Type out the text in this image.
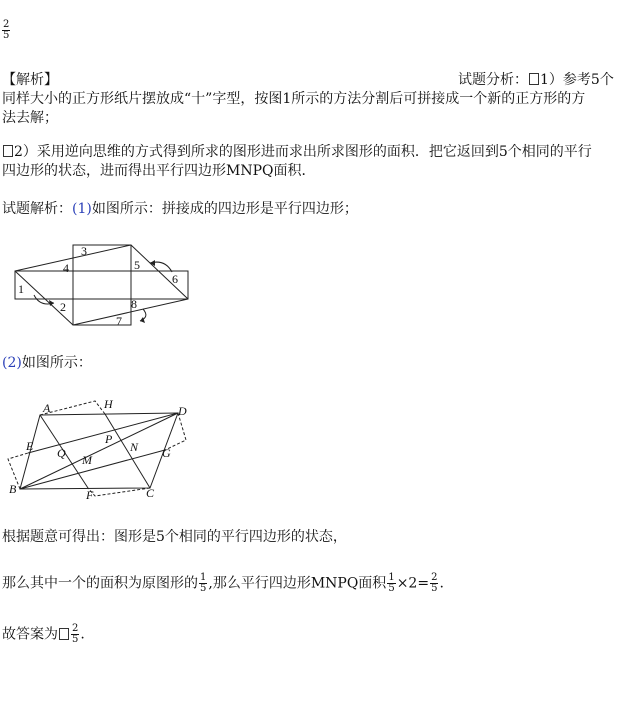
$\frac{2}{5}$
【解析】	试题分析： 1）参考5个
同样大小的正方形纸片摆放成“十”字型，按图1所示的方法分割后可拼接成一个新的正方形的方
法去解；
2）采用逆向思维的方式得到所求的图形进而求出所求图形的面积．把它返回到5个相同的平行
四边形的状态，进而得出平行四边形MNPQ面积．
试题解析：(1)如图所示：拼接成的四边形是平行四边形；
1
2
3
4	5
6
7
8
(2)如图所示：
A	H	D
E	P
N G
Q M
B	F	C
根据题意可得出：图形是5个相同的平行四边形的状态，
那么其中一个的面积为原图形的 $\frac{1}{5}$ ,那么平行四边形MNPQ面积 $\frac{1}{5} \times 2= \frac{2}{5}$ .
故答案为 $\frac{2}{5}$ .
